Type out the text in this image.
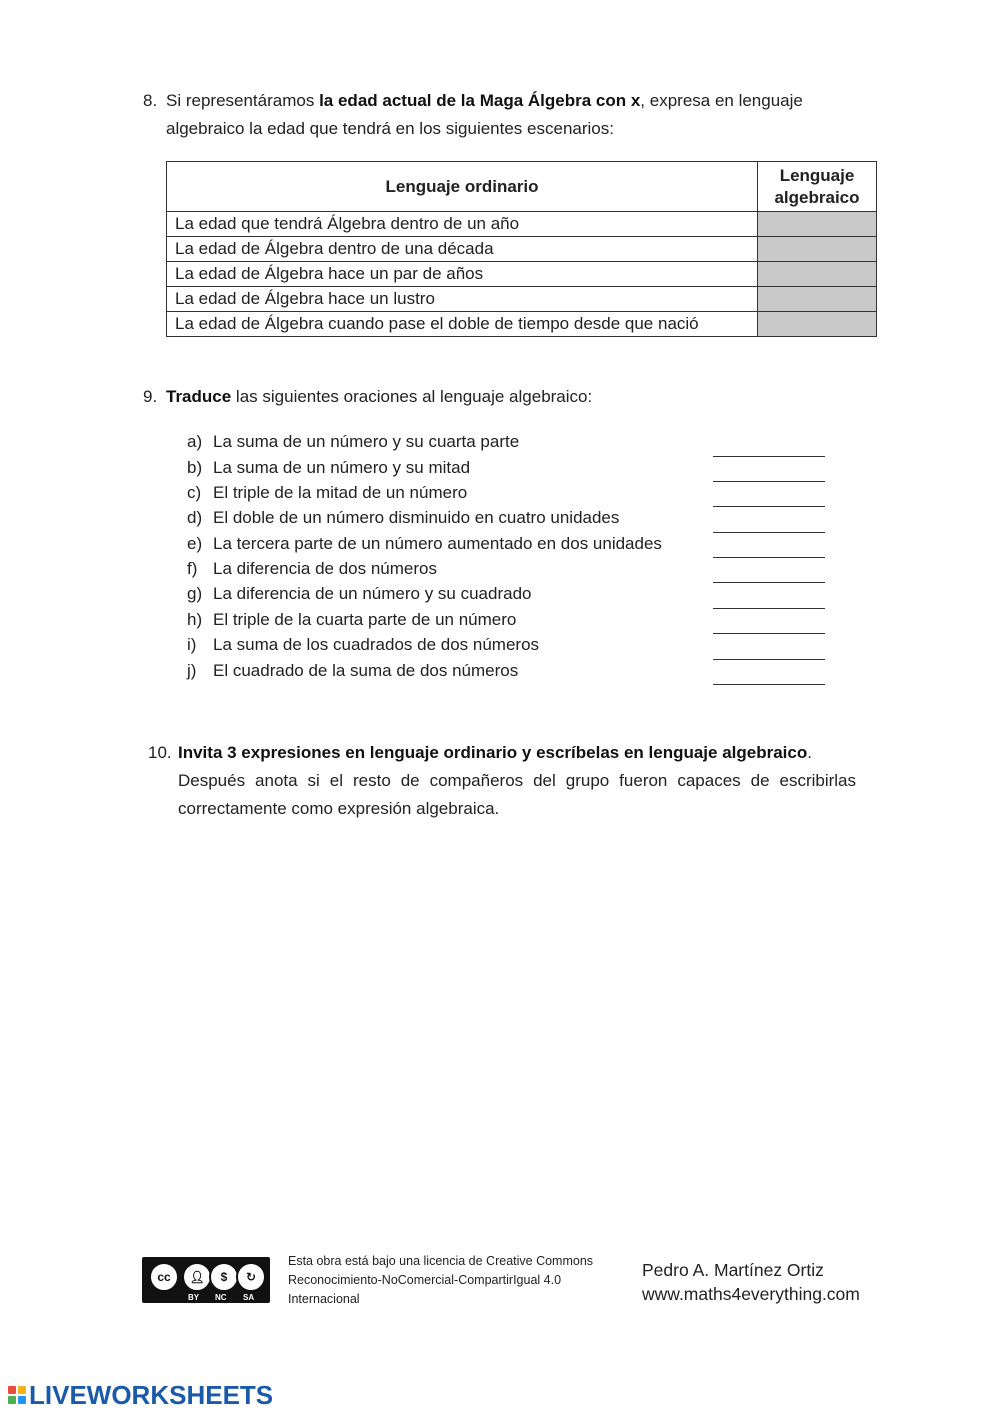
8. Si representáramos la edad actual de la Maga Álgebra con x, expresa en lenguaje
algebraico la edad que tendrá en los siguientes escenarios:
Lenguaje ordinario	Lenguaje
algebraico
La edad que tendrá Álgebra dentro de un año	
La edad de Álgebra dentro de una década	
La edad de Álgebra hace un par de años	
La edad de Álgebra hace un lustro	
La edad de Álgebra cuando pase el doble de tiempo desde que nació	
9. Traduce las siguientes oraciones al lenguaje algebraico:
a) La suma de un número y su cuarta parte
b) La suma de un número y su mitad
c) El triple de la mitad de un número
d) El doble de un número disminuido en cuatro unidades
e) La tercera parte de un número aumentado en dos unidades
f) La diferencia de dos números
g) La diferencia de un número y su cuadrado
h) El triple de la cuarta parte de un número
i) La suma de los cuadrados de dos números
j) El cuadrado de la suma de dos números
10. Invita 3 expresiones en lenguaje ordinario y escríbelas en lenguaje algebraico.
Después anota si el resto de compañeros del grupo fueron capaces de escribirlas
correctamente como expresión algebraica.
cc	👤︎	$	↻
BY NC SA
Esta obra está bajo una licencia de Creative Commons
Reconocimiento-NoComercial-CompartirIgual 4.0
Internacional
Pedro A. Martínez Ortiz
www.maths4everything.com
LIVEWORKSHEETS
